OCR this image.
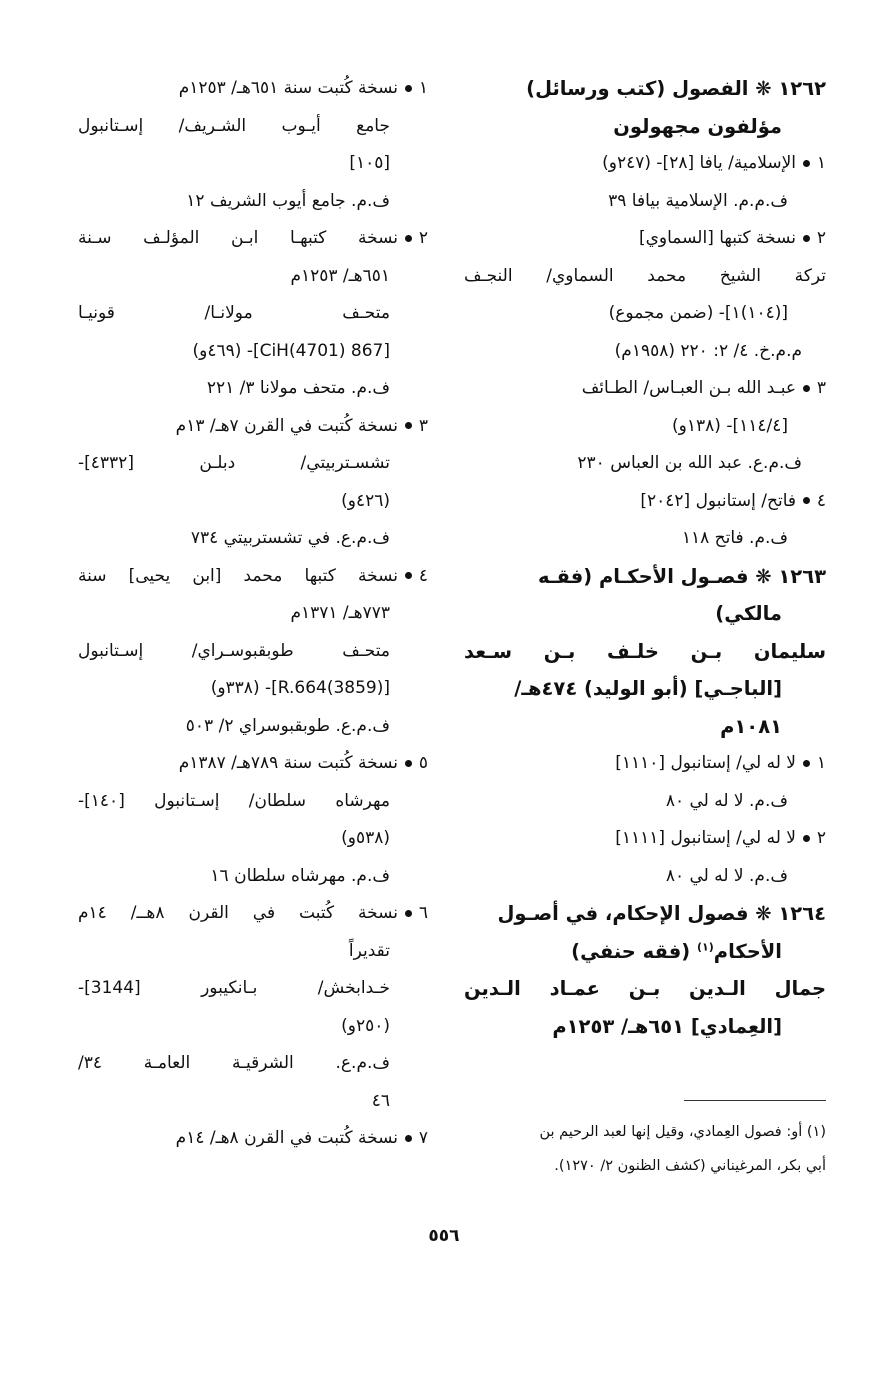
١٢٦٢ ❋ الفصول (كتب ورسائل)
مؤلفون مجهولون
١الإسلامية/ يافا [٢٨]- (٢٤٧و)
ف.م.م. الإسلامية بيافا ٣٩
٢نسخة كتبها [السماوي]
تركة الشيخ محمد السماوي/ النجـف
[(١٠٤)١]- (ضمن مجموع)
م.م.خ. ٤/ ٢: ٢٢٠ (١٩٥٨م)
٣عبـد الله بـن العبـاس/ الطـائف
[١١٤/٤]- (١٣٨و)
ف.م.ع. عبد الله بن العباس ٢٣٠
٤فاتح/ إستانبول [٢٠٤٢]
ف.م. فاتح ١١٨
١٢٦٣ ❋ فصـول الأحكـام (فقـه
مالكي)
سليمان بـن خلـف بـن سـعد
[الباجـي] (أبو الوليد) ٤٧٤هـ/
١٠٨١م
١لا له لي/ إستانبول [١١١٠]
ف.م. لا له لي ٨٠
٢لا له لي/ إستانبول [١١١١]
ف.م. لا له لي ٨٠
١٢٦٤ ❋ فصول الإحكام، في أصـول
الأحكام$^{(١)}$ (فقه حنفي)
جمال الـدين بـن عمـاد الـدين
[العِمادي] ٦٥١هـ/ ١٢٥٣م
١نسخة كُتبت سنة ٦٥١هـ/ ١٢٥٣م
جامع أيـوب الشـريف/ إسـتانبول
[١٠٥]
ف.م. جامع أيوب الشريف ١٢
٢نسخة كتبهـا ابـن المؤلـف سـنة
٦٥١هـ/ ١٢٥٣م
متحـف مولانـا/ قونيـا
[867 CiH(4701)]- (٤٦٩و)
ف.م. متحف مولانا ٣/ ٢٢١
٣نسخة كُتبت في القرن ٧هـ/ ١٣م
تشسـتربيتي/ دبلـن [٤٣٣٢]-
(٤٢٦و)
ف.م.ع. في تشستربيتي ٧٣٤
٤نسخة كتبها محمد [ابن يحيى] سنة
٧٧٣هـ/ ١٣٧١م
متحـف طوبقبوسـراي/ إسـتانبول
[R.664(3859)]- (٣٣٨و)
ف.م.ع. طوبقبوسراي ٢/ ٥٠٣
٥نسخة كُتبت سنة ٧٨٩هـ/ ١٣٨٧م
مهرشاه سلطان/ إسـتانبول [١٤٠]-
(٥٣٨و)
ف.م. مهرشاه سلطان ١٦
٦نسخة كُتبت في القرن ٨هــ/ ١٤م
تقديراً
خـدابخش/ بـانكيبور [3144]-
(٢٥٠و)
ف.م.ع. الشرقيـة العامـة ٣٤/
٤٦
٧نسخة كُتبت في القرن ٨هـ/ ١٤م	(١) أو: فصول العِمادي، وقيل إنها لعبد الرحيم بن
أبي بكر، المرغيناني (كشف الظنون ٢/ ١٢٧٠).
٥٥٦
